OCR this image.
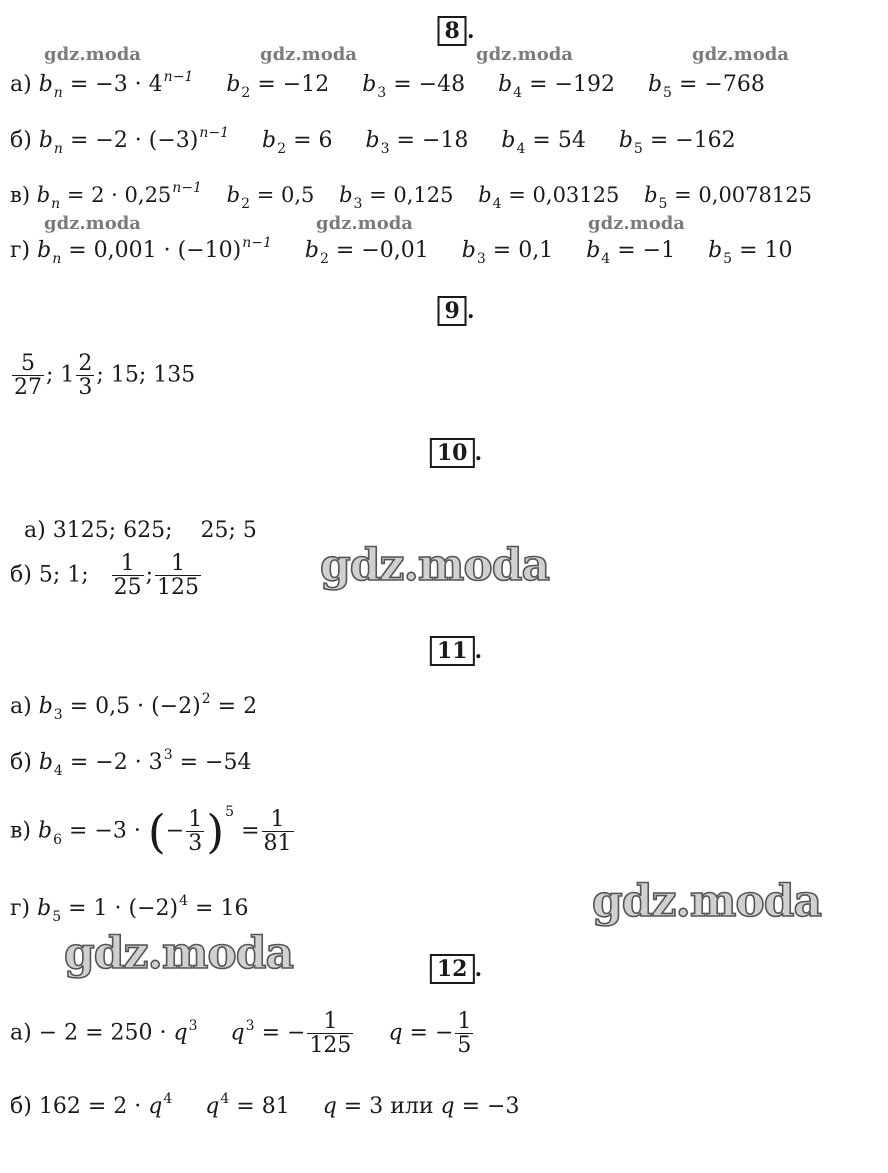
gdz.moda	gdz.moda	gdz.moda	gdz.moda
gdz.moda	gdz.moda	gdz.moda
gdz.moda
gdz.moda
gdz.moda
8 .
а) $b_n = -3 \cdot 4^{n-1}$ $b_2 = -12$ $b_3 = -48$ $b_4 = -192$ $b_5 = -768$
б) $b_n = -2 \cdot (-3)^{n-1}$ $b_2 = 6$ $b_3 = -18$ $b_4 = 54$ $b_5 = -162$
в) $b_n = 2 \cdot 0,25^{n-1}$ $b_2 = 0,5$ $b_3 = 0,125$ $b_4 = 0,03125$ $b_5 = 0,0078125$
г) $b_n = 0,001 \cdot (-10)^{n-1}$ $b_2 = -0,01$ $b_3 = 0,1$ $b_4 = -1$ $b_5 = 10$
9 .
$\frac{5}{27}$ ; $1 \frac{2}{3}$ ; 15; 135
10 .

а) 3125; 625;    25; 5

б) 5; 1; $\frac{1}{25}$ ; $\frac{1}{125}$
11 .
а) $b_3 = 0,5 \cdot (-2)^2 = 2$
б) $b_4 = -2 \cdot 3^3 = -54$
в) $b_6 = -3$ · (− $\frac{1}{3} )^5 = \frac{1}{81}$
г) $b_5 = 1 \cdot (-2)^4 = 16$
12 .
$а) - 2 = 250 \cdot q^3$ $q^3$ = − $\frac{1}{125}$ q = − $\frac{1}{5}$
б) $162 = 2 \cdot q^4$ $q^4 = 81$ q = 3 или q = −3
